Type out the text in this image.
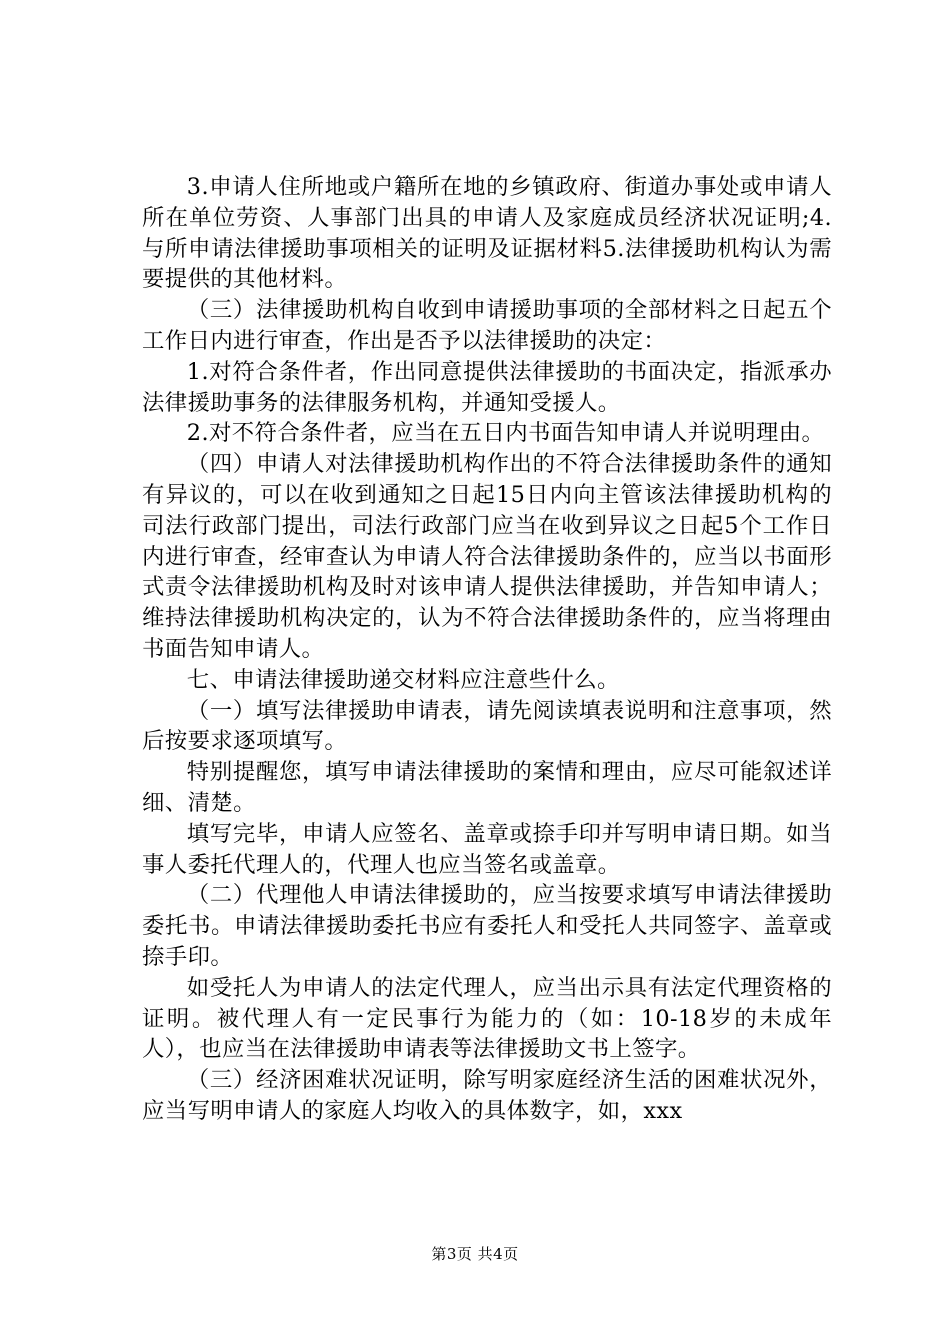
3.申请人住所地或户籍所在地的乡镇政府、街道办事处或申请人所在单位劳资、人事部门出具的申请人及家庭成员经济状况证明;4.与所申请法律援助事项相关的证明及证据材料5.法律援助机构认为需要提供的其他材料。

（三）法律援助机构自收到申请援助事项的全部材料之日起五个工作日内进行审查，作出是否予以法律援助的决定：

1.对符合条件者，作出同意提供法律援助的书面决定，指派承办法律援助事务的法律服务机构，并通知受援人。

2.对不符合条件者，应当在五日内书面告知申请人并说明理由。

（四）申请人对法律援助机构作出的不符合法律援助条件的通知有异议的，可以在收到通知之日起15日内向主管该法律援助机构的司法行政部门提出，司法行政部门应当在收到异议之日起5个工作日内进行审查，经审查认为申请人符合法律援助条件的，应当以书面形式责令法律援助机构及时对该申请人提供法律援助，并告知申请人；维持法律援助机构决定的，认为不符合法律援助条件的，应当将理由书面告知申请人。

七、申请法律援助递交材料应注意些什么。

（一）填写法律援助申请表，请先阅读填表说明和注意事项，然后按要求逐项填写。

特别提醒您，填写申请法律援助的案情和理由，应尽可能叙述详细、清楚。

填写完毕，申请人应签名、盖章或捺手印并写明申请日期。如当事人委托代理人的，代理人也应当签名或盖章。

（二）代理他人申请法律援助的，应当按要求填写申请法律援助委托书。申请法律援助委托书应有委托人和受托人共同签字、盖章或捺手印。

如受托人为申请人的法定代理人，应当出示具有法定代理资格的证明。被代理人有一定民事行为能力的（如：10-18岁的未成年人），也应当在法律援助申请表等法律援助文书上签字。

（三）经济困难状况证明，除写明家庭经济生活的困难状况外，应当写明申请人的家庭人均收入的具体数字，如，xxx

第3页 共4页
